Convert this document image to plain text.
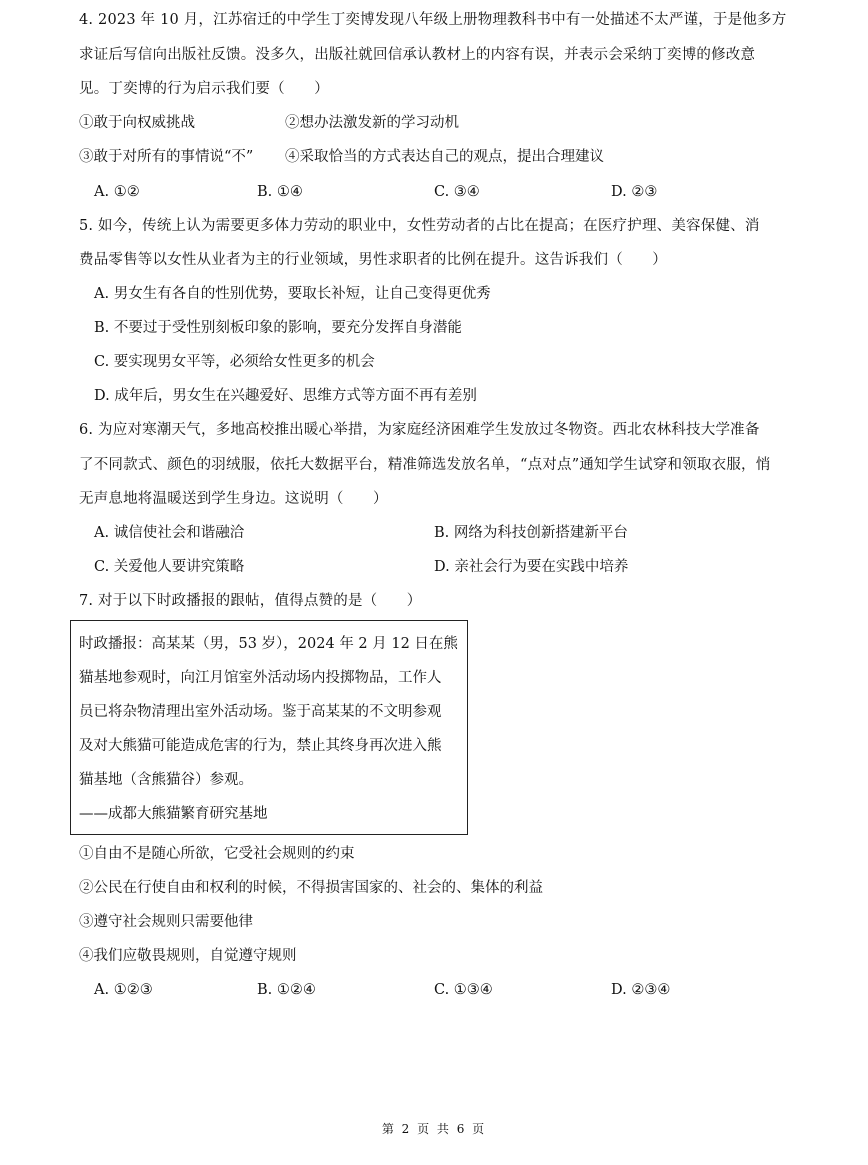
4. 2023 年 10 月，江苏宿迁的中学生丁奕博发现八年级上册物理教科书中有一处描述不太严谨，于是他多方
求证后写信向出版社反馈。没多久，出版社就回信承认教材上的内容有误，并表示会采纳丁奕博的修改意
见。丁奕博的行为启示我们要（　　）
①敢于向权威挑战	②想办法激发新的学习动机
③敢于对所有的事情说“不” ④采取恰当的方式表达自己的观点，提出合理建议
A. ①②	B. ①④	C. ③④	D. ②③
5. 如今，传统上认为需要更多体力劳动的职业中，女性劳动者的占比在提高；在医疗护理、美容保健、消
费品零售等以女性从业者为主的行业领域，男性求职者的比例在提升。这告诉我们（　　）
A. 男女生有各自的性别优势，要取长补短，让自己变得更优秀
B. 不要过于受性别刻板印象的影响，要充分发挥自身潜能
C. 要实现男女平等，必须给女性更多的机会
D. 成年后，男女生在兴趣爱好、思维方式等方面不再有差别
6. 为应对寒潮天气，多地高校推出暖心举措，为家庭经济困难学生发放过冬物资。西北农林科技大学准备
了不同款式、颜色的羽绒服，依托大数据平台，精准筛选发放名单，“点对点”通知学生试穿和领取衣服，悄
无声息地将温暖送到学生身边。这说明（　　）
A. 诚信使社会和谐融洽	B. 网络为科技创新搭建新平台
C. 关爱他人要讲究策略	D. 亲社会行为要在实践中培养
7. 对于以下时政播报的跟帖，值得点赞的是（　　）
时政播报：高某某（男，53 岁），2024 年 2 月 12 日在熊
猫基地参观时，向江月馆室外活动场内投掷物品，工作人
员已将杂物清理出室外活动场。鉴于高某某的不文明参观
及对大熊猫可能造成危害的行为，禁止其终身再次进入熊
猫基地（含熊猫谷）参观。
——成都大熊猫繁育研究基地
①自由不是随心所欲，它受社会规则的约束
②公民在行使自由和权利的时候，不得损害国家的、社会的、集体的利益
③遵守社会规则只需要他律
④我们应敬畏规则，自觉遵守规则
A. ①②③	B. ①②④	C. ①③④	D. ②③④
第 2 页 共 6 页
